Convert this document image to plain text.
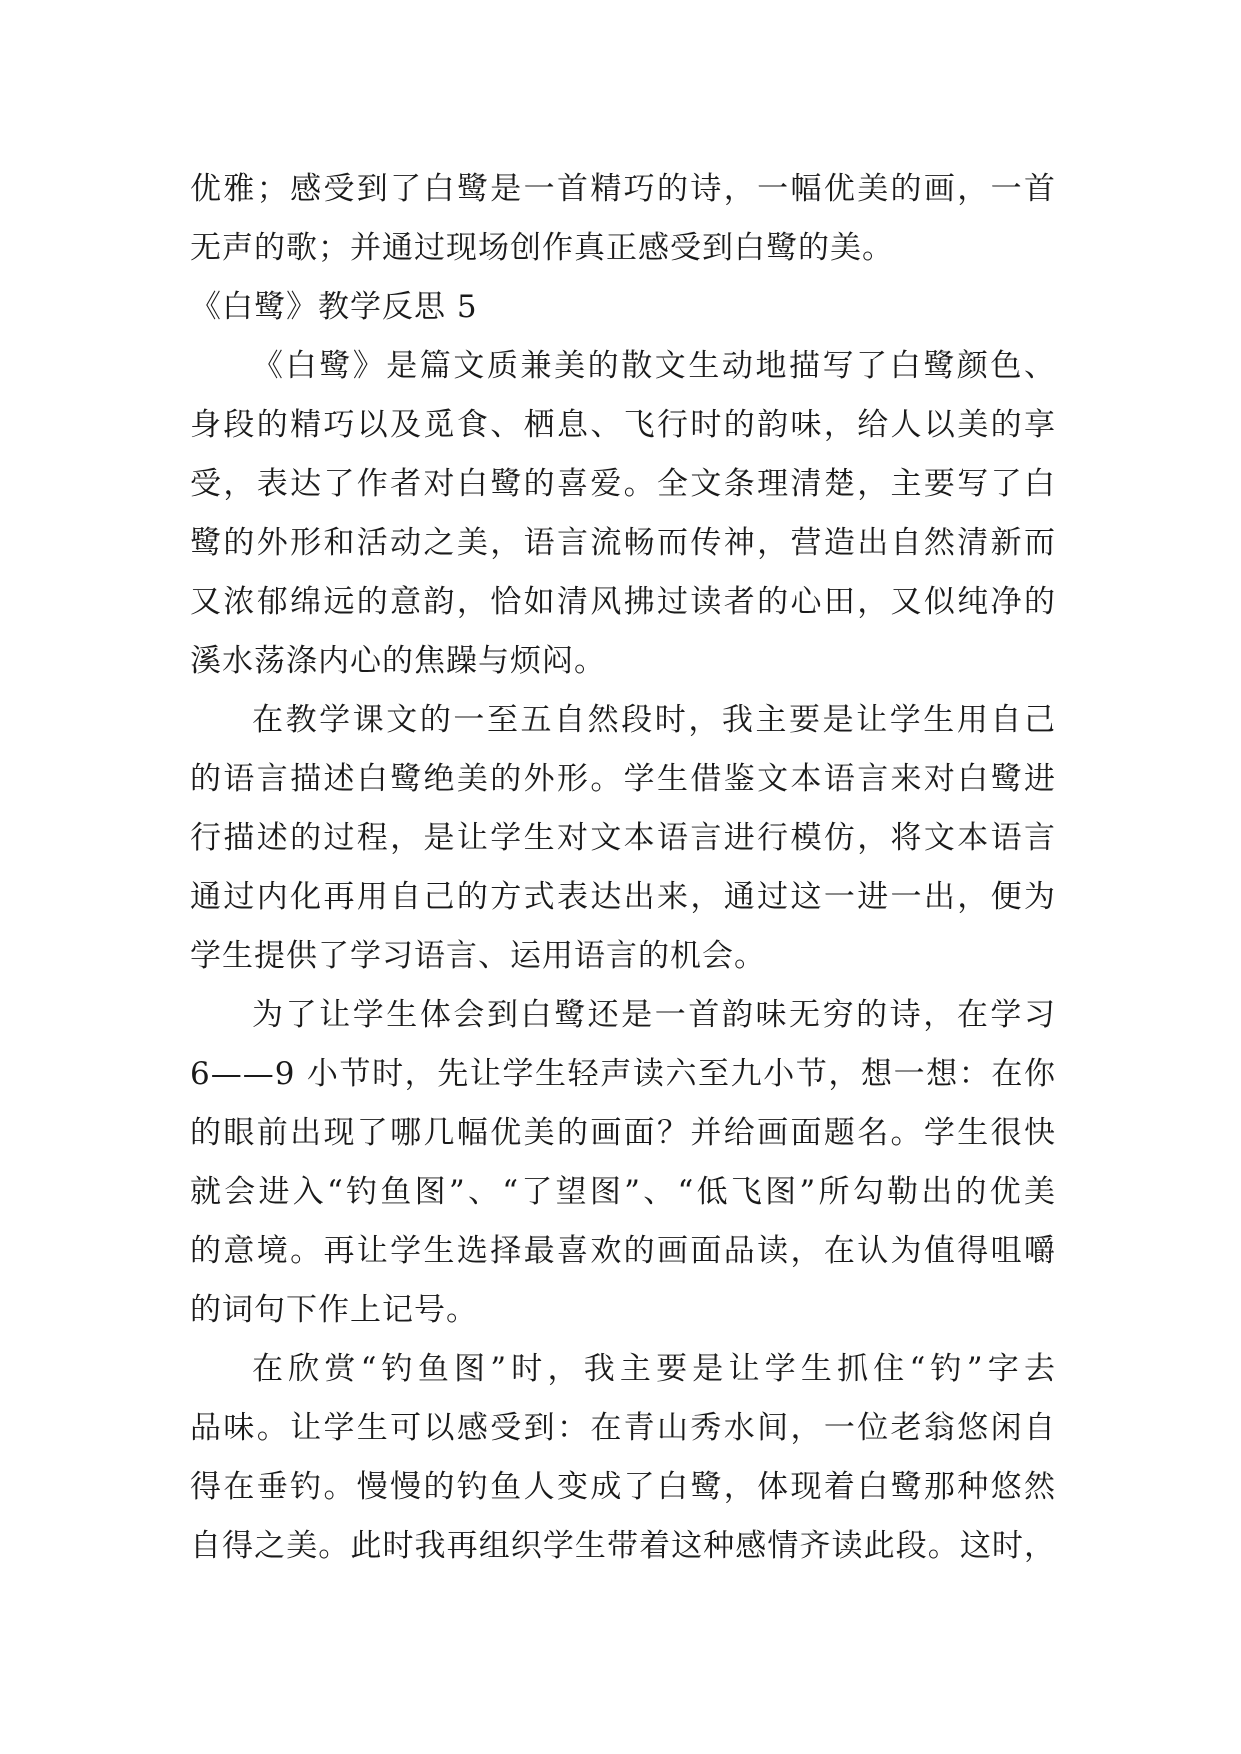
优雅；感受到了白鹭是一首精巧的诗，一幅优美的画，一首
无声的歌；并通过现场创作真正感受到白鹭的美。
《白鹭》教学反思 5
《白鹭》是篇文质兼美的散文生动地描写了白鹭颜色、
身段的精巧以及觅食、栖息、飞行时的韵味，给人以美的享
受，表达了作者对白鹭的喜爱。全文条理清楚，主要写了白
鹭的外形和活动之美，语言流畅而传神，营造出自然清新而
又浓郁绵远的意韵，恰如清风拂过读者的心田，又似纯净的
溪水荡涤内心的焦躁与烦闷。
在教学课文的一至五自然段时，我主要是让学生用自己
的语言描述白鹭绝美的外形。学生借鉴文本语言来对白鹭进
行描述的过程，是让学生对文本语言进行模仿，将文本语言
通过内化再用自己的方式表达出来，通过这一进一出，便为
学生提供了学习语言、运用语言的机会。
为了让学生体会到白鹭还是一首韵味无穷的诗，在学习
6——9 小节时，先让学生轻声读六至九小节，想一想：在你
的眼前出现了哪几幅优美的画面？并给画面题名。学生很快
就会进入“钓鱼图”、“了望图”、“低飞图”所勾勒出的优美
的意境。再让学生选择最喜欢的画面品读，在认为值得咀嚼
的词句下作上记号。
在欣赏“钓鱼图”时，我主要是让学生抓住“钓”字去
品味。让学生可以感受到：在青山秀水间，一位老翁悠闲自
得在垂钓。慢慢的钓鱼人变成了白鹭，体现着白鹭那种悠然
自得之美。此时我再组织学生带着这种感情齐读此段。这时，
